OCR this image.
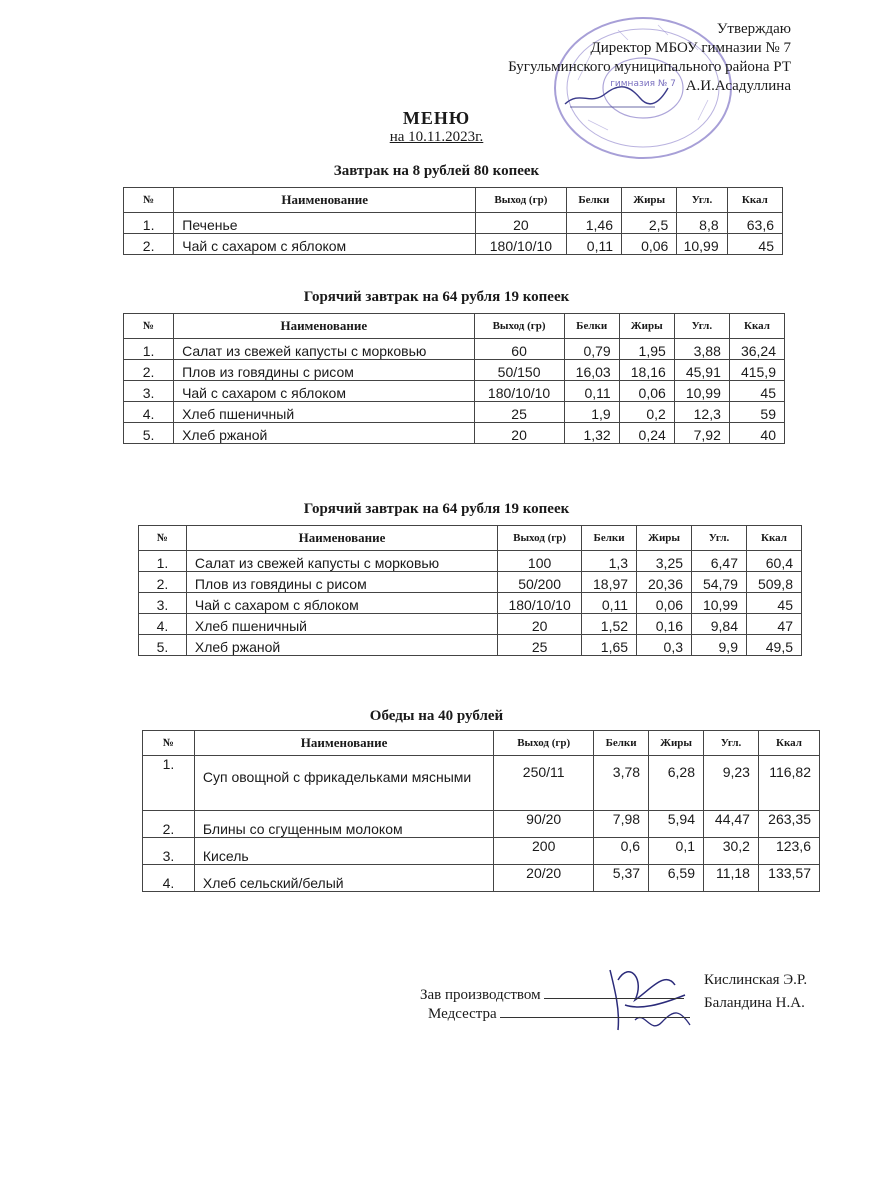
гимназия № 7
Утверждаю
Директор МБОУ гимназии № 7
Бугульминского муниципального района РТ
А.И.Асадуллина
МЕНЮ
на 10.11.2023г.
Завтрак на 8 рублей 80 копеек
№	Наименование	Выход (гр)	Белки	Жиры	Угл.	Ккал
1.	Печенье	20	1,46	2,5	8,8	63,6
2.	Чай с сахаром с яблоком	180/10/10	0,11	0,06	10,99	45
Горячий завтрак на 64 рубля 19 копеек
№	Наименование	Выход (гр)	Белки	Жиры	Угл.	Ккал
1.	Салат из свежей капусты с морковью	60	0,79	1,95	3,88	36,24
2.	Плов из говядины с рисом	50/150	16,03	18,16	45,91	415,9
3.	Чай с сахаром с яблоком	180/10/10	0,11	0,06	10,99	45
4.	Хлеб пшеничный	25	1,9	0,2	12,3	59
5.	Хлеб ржаной	20	1,32	0,24	7,92	40
Горячий завтрак на 64 рубля 19 копеек
№	Наименование	Выход (гр)	Белки	Жиры	Угл.	Ккал
1.	Салат из свежей капусты с морковью	100	1,3	3,25	6,47	60,4
2.	Плов из говядины с рисом	50/200	18,97	20,36	54,79	509,8
3.	Чай с сахаром с яблоком	180/10/10	0,11	0,06	10,99	45
4.	Хлеб пшеничный	20	1,52	0,16	9,84	47
5.	Хлеб ржаной	25	1,65	0,3	9,9	49,5
Обеды на 40 рублей
№	Наименование	Выход (гр)	Белки	Жиры	Угл.	Ккал
1.	Суп овощной с фрикадельками мясными	250/11	3,78	6,28	9,23	116,82
2.	Блины со сгущенным молоком	90/20	7,98	5,94	44,47	263,35
3.	Кисель	200	0,6	0,1	30,2	123,6
4.	Хлеб сельский/белый	20/20	5,37	6,59	11,18	133,57
Зав производством
Кислинская Э.Р.
Медсестра
Баландина Н.А.
